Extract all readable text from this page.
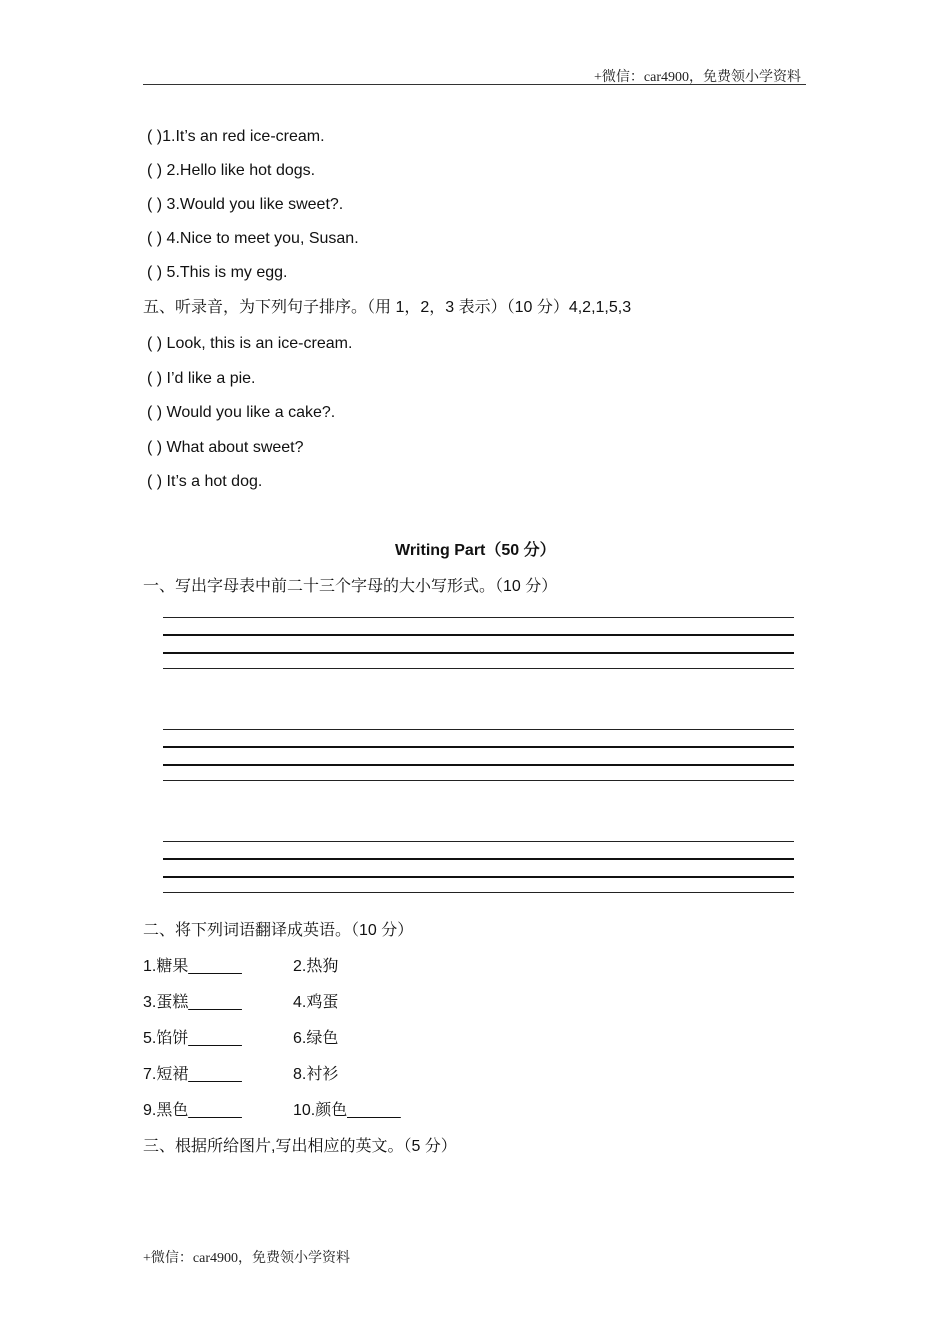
+微信：car4900，免费领小学资料
( )1.It’s an red ice-cream.
( ) 2.Hello like hot dogs.
( ) 3.Would you like sweet?.
( ) 4.Nice to meet you, Susan.
( ) 5.This is my egg.
五、听录音，为下列句子排序。（用 1，2，3 表示）（10 分）4,2,1,5,3
( ) Look, this is an ice-cream.
( ) I’d like a pie.
( ) Would you like a cake?.
( ) What about sweet?
( ) It’s a hot dog.
Writing Part（50 分）
一、写出字母表中前二十三个字母的大小写形式。（10 分）
二、将下列词语翻译成英语。（10 分）
1.糖果______	2.热狗
3.蛋糕______	4.鸡蛋
5.馅饼______	6.绿色
7.短裙______	8.衬衫
9.黑色______	10.颜色______
三、根据所给图片,写出相应的英文。（5 分）
+微信：car4900，免费领小学资料
